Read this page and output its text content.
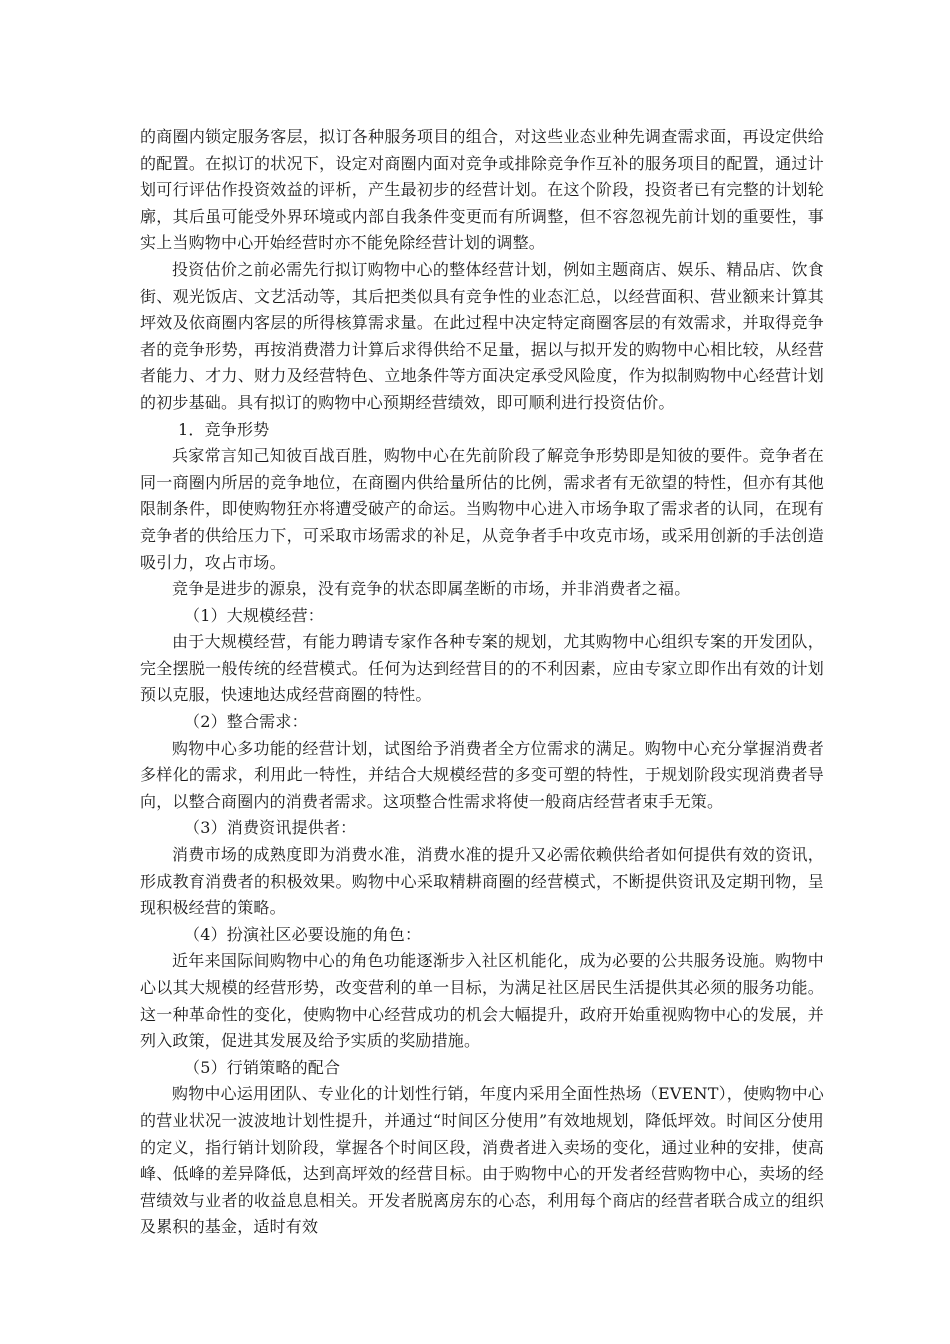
的商圈内锁定服务客层，拟订各种服务项目的组合，对这些业态业种先调查需求面，再设定供给的配置。在拟订的状况下，设定对商圈内面对竞争或排除竞争作互补的服务项目的配置，通过计划可行评估作投资效益的评析，产生最初步的经营计划。在这个阶段，投资者已有完整的计划轮廓，其后虽可能受外界环境或内部自我条件变更而有所调整，但不容忽视先前计划的重要性，事实上当购物中心开始经营时亦不能免除经营计划的调整。

投资估价之前必需先行拟订购物中心的整体经营计划，例如主题商店、娱乐、精品店、饮食街、观光饭店、文艺活动等，其后把类似具有竞争性的业态汇总，以经营面积、营业额来计算其坪效及依商圈内客层的所得核算需求量。在此过程中决定特定商圈客层的有效需求，并取得竞争者的竞争形势，再按消费潜力计算后求得供给不足量，据以与拟开发的购物中心相比较，从经营者能力、才力、财力及经营特色、立地条件等方面决定承受风险度，作为拟制购物中心经营计划的初步基础。具有拟订的购物中心预期经营绩效，即可顺利进行投资估价。

1．竞争形势

兵家常言知己知彼百战百胜，购物中心在先前阶段了解竞争形势即是知彼的要件。竞争者在同一商圈内所居的竞争地位，在商圈内供给量所估的比例，需求者有无欲望的特性，但亦有其他限制条件，即使购物狂亦将遭受破产的命运。当购物中心进入市场争取了需求者的认同，在现有竞争者的供给压力下，可采取市场需求的补足，从竞争者手中攻克市场，或采用创新的手法创造吸引力，攻占市场。

竞争是进步的源泉，没有竞争的状态即属垄断的市场，并非消费者之福。

（1）大规模经营：

由于大规模经营，有能力聘请专家作各种专案的规划，尤其购物中心组织专案的开发团队，完全摆脱一般传统的经营模式。任何为达到经营目的的不利因素，应由专家立即作出有效的计划预以克服，快速地达成经营商圈的特性。

（2）整合需求：

购物中心多功能的经营计划，试图给予消费者全方位需求的满足。购物中心充分掌握消费者多样化的需求，利用此一特性，并结合大规模经营的多变可塑的特性，于规划阶段实现消费者导向，以整合商圈内的消费者需求。这项整合性需求将使一般商店经营者束手无策。

（3）消费资讯提供者：

消费市场的成熟度即为消费水准，消费水准的提升又必需依赖供给者如何提供有效的资讯，形成教育消费者的积极效果。购物中心采取精耕商圈的经营模式，不断提供资讯及定期刊物，呈现积极经营的策略。

（4）扮演社区必要设施的角色：

近年来国际间购物中心的角色功能逐渐步入社区机能化，成为必要的公共服务设施。购物中心以其大规模的经营形势，改变营利的单一目标，为满足社区居民生活提供其必须的服务功能。这一种革命性的变化，使购物中心经营成功的机会大幅提升，政府开始重视购物中心的发展，并列入政策，促进其发展及给予实质的奖励措施。

（5）行销策略的配合

购物中心运用团队、专业化的计划性行销，年度内采用全面性热场（EVENT），使购物中心的营业状况一波波地计划性提升，并通过“时间区分使用”有效地规划，降低坪效。时间区分使用的定义，指行销计划阶段，掌握各个时间区段，消费者进入卖场的变化，通过业种的安排，使高峰、低峰的差异降低，达到高坪效的经营目标。由于购物中心的开发者经营购物中心，卖场的经营绩效与业者的收益息息相关。开发者脱离房东的心态，利用每个商店的经营者联合成立的组织及累积的基金，适时有效
